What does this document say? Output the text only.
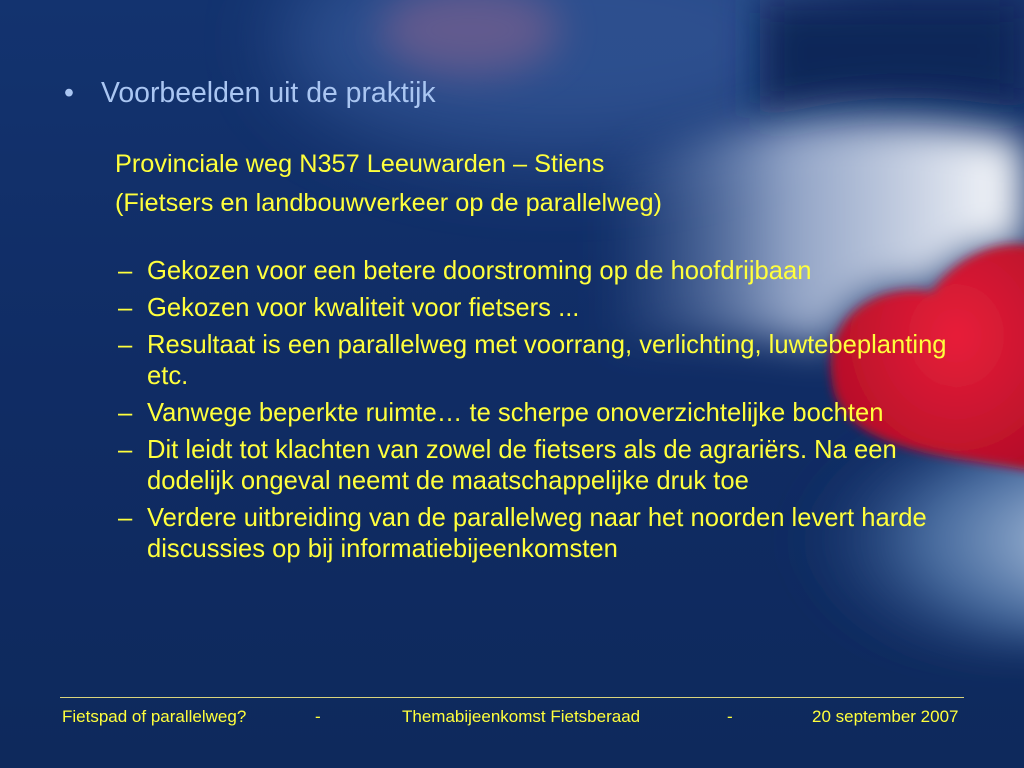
• Voorbeelden uit de praktijk
Provinciale weg N357 Leeuwarden – Stiens
(Fietsers en landbouwverkeer op de parallelweg)
– Gekozen voor een betere doorstroming op de hoofdrijbaan
– Gekozen voor kwaliteit voor fietsers ...
– Resultaat is een parallelweg met voorrang, verlichting, luwtebeplanting etc.
– Vanwege beperkte ruimte… te scherpe onoverzichtelijke bochten
– Dit leidt tot klachten van zowel de fietsers als de agrariërs. Na een dodelijk ongeval neemt de maatschappelijke druk toe
– Verdere uitbreiding van de parallelweg naar het noorden levert harde discussies op bij informatiebijeenkomsten
Fietspad of parallelweg?	-	Themabijeenkomst Fietsberaad	-	20 september 2007
